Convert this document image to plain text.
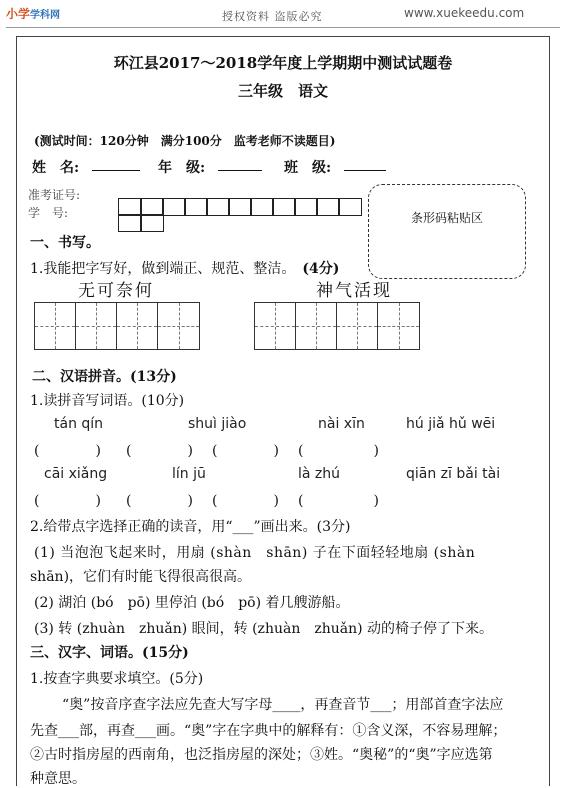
小学学科网	授权资料 盗版必究	www.xuekeedu.com
环江县2017～2018学年度上学期期中测试试题卷
三年级　语文
(测试时间：120分钟　满分100分　监考老师不读题目)
姓　名:	年　级:	班　级:
准考证号:
学　号:	条形码粘贴区
一、书写。
1.我能把字写好，做到端正、规范、整洁。　 (4分)
无可奈何	神气活现
二、汉语拼音。(13分)
1.读拼音写词语。(10分)
tán qín	shuì jiào	nài xīn	hú jiǎ hǔ wēi
(　　　　) (　　　　) (　　　　) (　　　　　)
cāi xiǎng	lín jū	là zhú	qiān zī bǎi tài
(　　　　) (　　　　) (　　　　) (　　　　　)
2.给带点字选择正确的读音，用“___”画出来。(3分)
(1) 当泡泡飞起来时，用扇 (shàn　shān) 子在下面轻轻地扇 (shàn
shān)，它们有时能飞得很高很高。
(2) 湖泊 (bó　pō) 里停泊 (bó　pō) 着几艘游船。
(3) 转 (zhuàn　zhuǎn) 眼间，转 (zhuàn　zhuǎn) 动的椅子停了下来。
三、汉字、词语。(15分)
1.按查字典要求填空。(5分)
“奥”按音序查字法应先查大写字母____，再查音节___；用部首查字法应
先查___部，再查___画。“奥”字在字典中的解释有：①含义深，不容易理解；
②古时指房屋的西南角，也泛指房屋的深处；③姓。“奥秘”的“奥”字应选第
种意思。
